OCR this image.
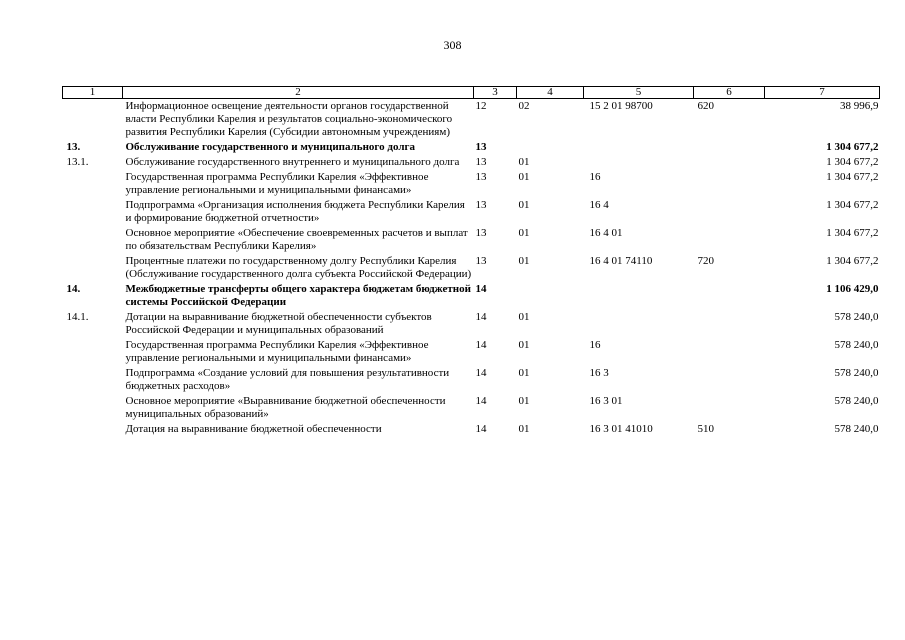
308
1	2	3	4	5	6	7
	Информационное освещение деятельности органов государственной власти Республики Карелия и результатов социально-экономического развития Республики Карелия (Субсидии автономным учреждениям)	12	02	15 2 01 98700	620	38 996,9
13.	Обслуживание государственного и муниципального долга	13				1 304 677,2
13.1.	Обслуживание государственного внутреннего и муниципального долга	13	01			1 304 677,2
	Государственная программа Республики Карелия «Эффективное управление региональными и муниципальными финансами»	13	01	16		1 304 677,2
	Подпрограмма «Организация исполнения бюджета Республики Карелия и формирование бюджетной отчетности»	13	01	16 4		1 304 677,2
	Основное мероприятие «Обеспечение своевременных расчетов и выплат по обязательствам Республики Карелия»	13	01	16 4 01		1 304 677,2
	Процентные платежи по государственному долгу Республики Карелия (Обслуживание государственного долга субъекта Российской Федерации)	13	01	16 4 01 74110	720	1 304 677,2
14.	Межбюджетные трансферты общего характера бюджетам бюджетной системы Российской Федерации	14				1 106 429,0
14.1.	Дотации на выравнивание бюджетной обеспеченности субъектов Российской Федерации и муниципальных образований	14	01			578 240,0
	Государственная программа Республики Карелия «Эффективное управление региональными и муниципальными финансами»	14	01	16		578 240,0
	Подпрограмма «Создание условий для повышения результативности бюджетных расходов»	14	01	16 3		578 240,0
	Основное мероприятие «Выравнивание бюджетной обеспеченности муниципальных образований»	14	01	16 3 01		578 240,0
	Дотация на выравнивание бюджетной обеспеченности	14	01	16 3 01 41010	510	578 240,0
